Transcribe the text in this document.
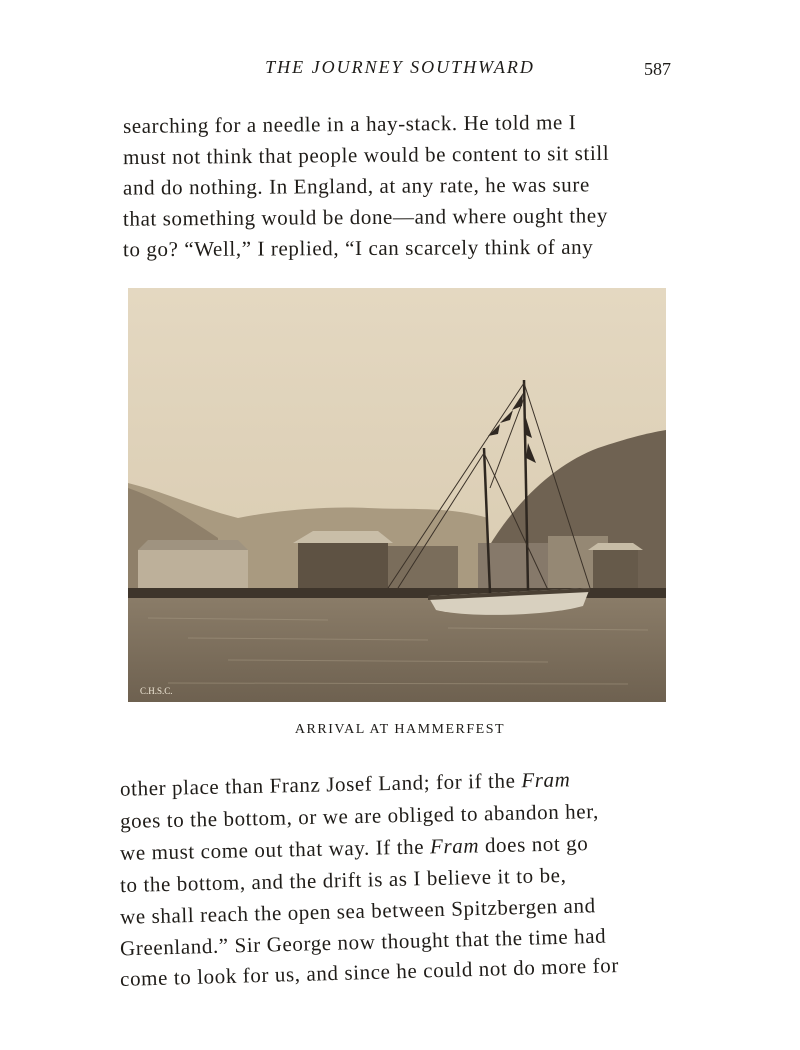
THE JOURNEY SOUTHWARD	587
searching for a needle in a hay-stack. He told me I
must not think that people would be content to sit still
and do nothing. In England, at any rate, he was sure
that something would be done—and where ought they
to go? “Well,” I replied, “I can scarcely think of any
C.H.S.C.
ARRIVAL AT HAMMERFEST
other place than Franz Josef Land; for if the Fram
goes to the bottom, or we are obliged to abandon her,
we must come out that way. If the Fram does not go
to the bottom, and the drift is as I believe it to be,
we shall reach the open sea between Spitzbergen and
Greenland.” Sir George now thought that the time had
come to look for us, and since he could not do more for
